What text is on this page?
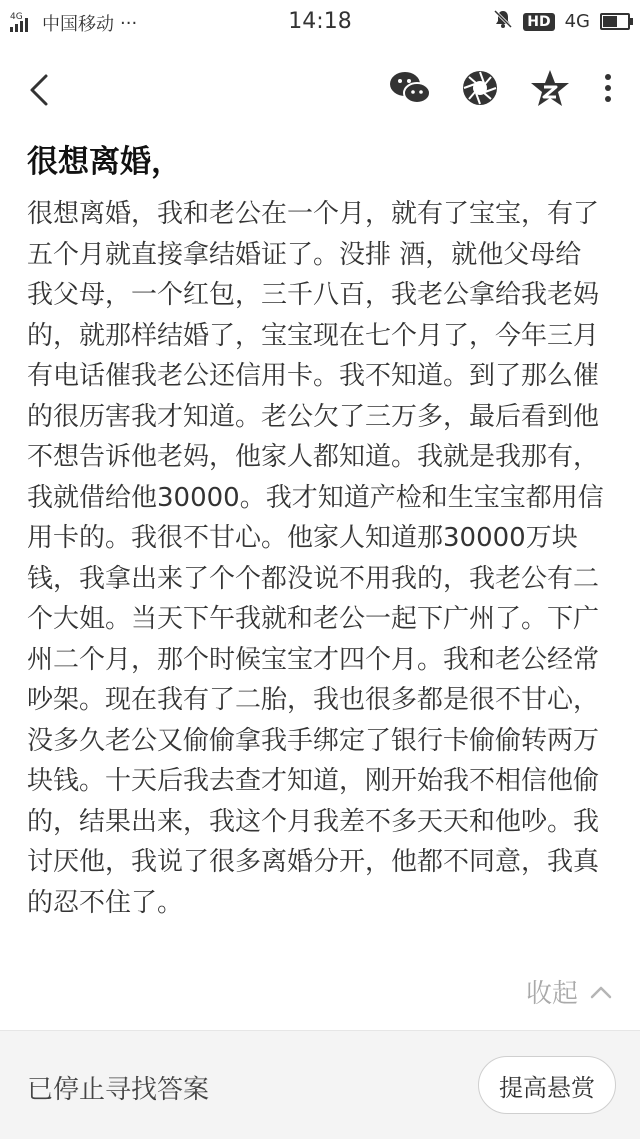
4G 中国移动 ···	14:18	HD 4G
很想离婚，

很想离婚，我和老公在一个月，就有了宝宝，有了五个月就直接拿结婚证了。没排 酒，就他父母给我父母，一个红包，三千八百，我老公拿给我老妈的，就那样结婚了，宝宝现在七个月了，今年三月有电话催我老公还信用卡。我不知道。到了那么催的很历害我才知道。老公欠了三万多，最后看到他不想告诉他老妈，他家人都知道。我就是我那有，我就借给他30000。我才知道产检和生宝宝都用信用卡的。我很不甘心。他家人知道那30000万块钱，我拿出来了个个都没说不用我的，我老公有二个大姐。当天下午我就和老公一起下广州了。下广州二个月，那个时候宝宝才四个月。我和老公经常吵架。现在我有了二胎，我也很多都是很不甘心，没多久老公又偷偷拿我手绑定了银行卡偷偷转两万块钱。十天后我去查才知道，刚开始我不相信他偷的，结果出来，我这个月我差不多天天和他吵。我讨厌他，我说了很多离婚分开，他都不同意，我真的忍不住了。

收起
已停止寻找答案	提高悬赏
